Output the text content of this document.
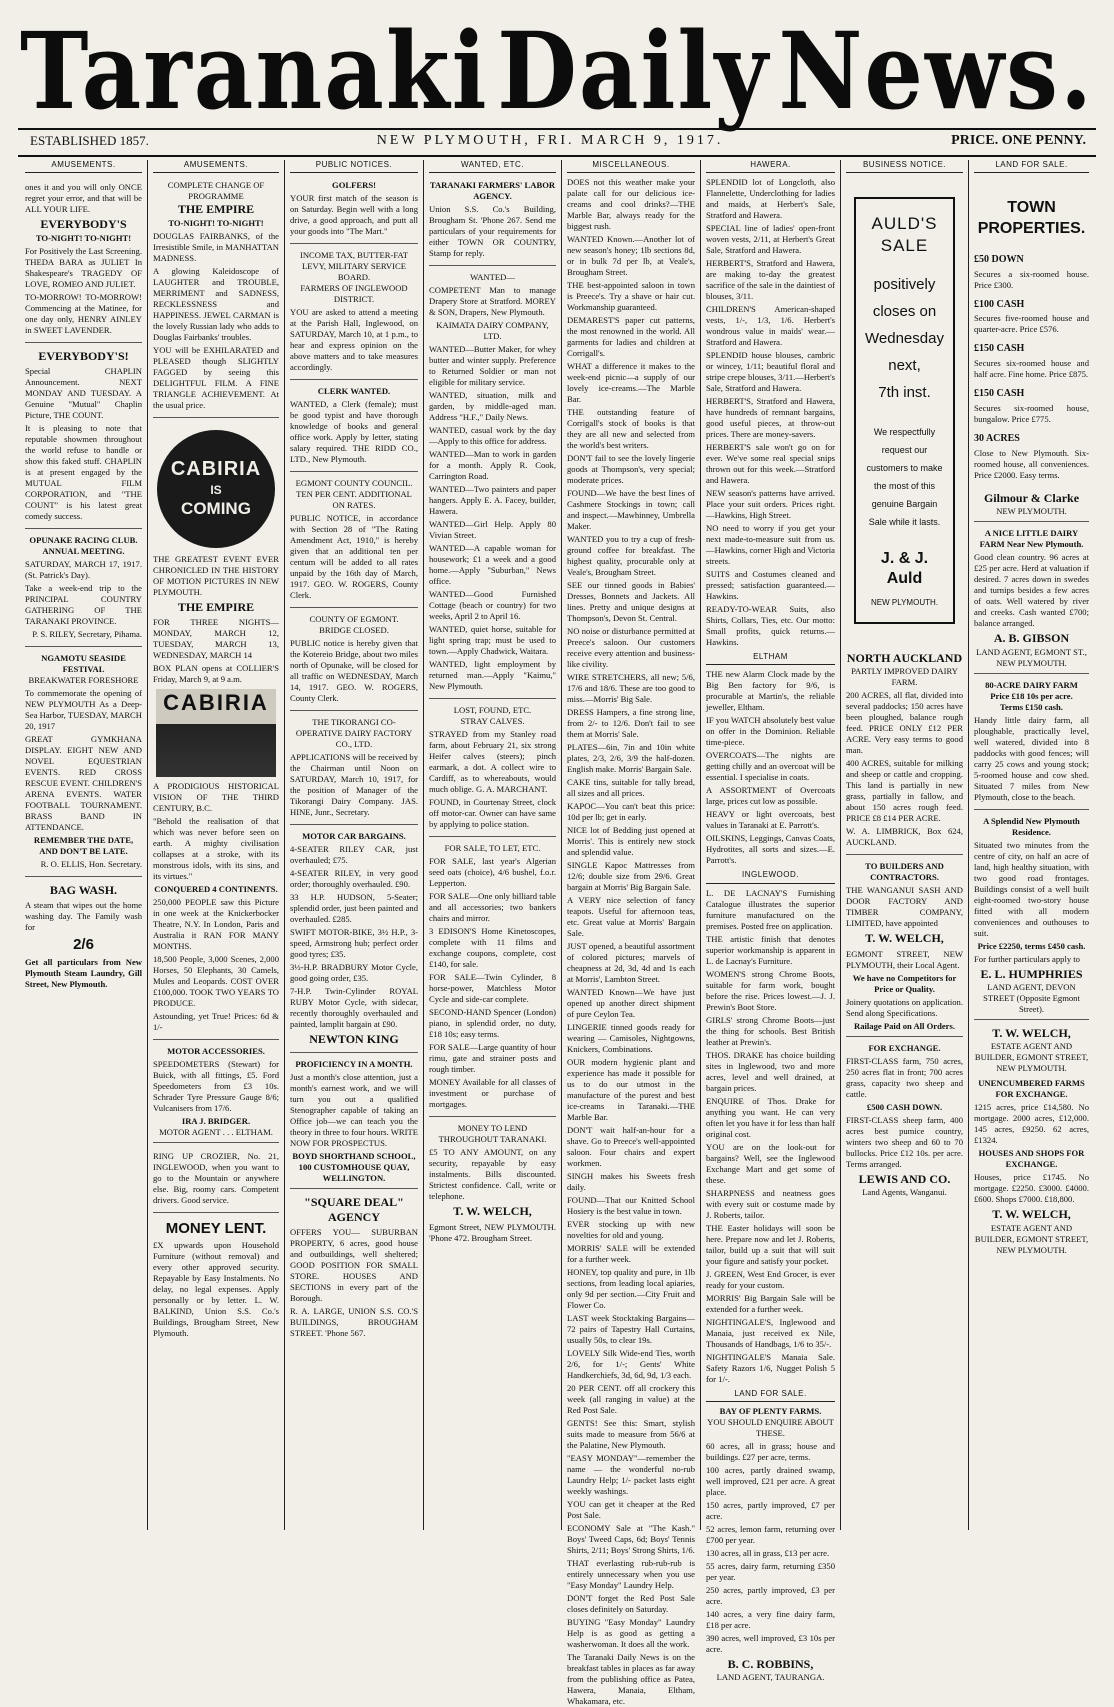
Taranaki Daily News.
ESTABLISHED 1857.	NEW PLYMOUTH, FRI. MARCH 9, 1917.	PRICE. ONE PENNY.
AMUSEMENTS.
ones it and you will only ONCE regret your error, and that will be ALL YOUR LIFE.
EVERYBODY'S
TO-NIGHT! TO-NIGHT!
For Positively the Last Screening. THEDA BARA as JULIET In Shakespeare's TRAGEDY OF LOVE, ROMEO AND JULIET.
TO-MORROW! TO-MORROW! Commencing at the Matinee, for one day only, HENRY AINLEY in SWEET LAVENDER.
EVERYBODY'S!
Special CHAPLIN Announcement. NEXT MONDAY AND TUESDAY. A Genuine "Mutual" Chaplin Picture, THE COUNT.
It is pleasing to note that reputable showmen throughout the world refuse to handle or show this faked stuff. CHAPLIN is at present engaged by the MUTUAL FILM CORPORATION, and "THE COUNT" is his latest great comedy success.
OPUNAKE RACING CLUB.
ANNUAL MEETING.
SATURDAY, MARCH 17, 1917. (St. Patrick's Day).
Take a week-end trip to the PRINCIPAL COUNTRY GATHERING OF THE TARANAKI PROVINCE.
P. S. RILEY, Secretary, Pihama.
NGAMOTU SEASIDE FESTIVAL
BREAKWATER FORESHORE
To commemorate the opening of NEW PLYMOUTH As a Deep-Sea Harbor, TUESDAY, MARCH 20, 1917
GREAT GYMKHANA DISPLAY. EIGHT NEW AND NOVEL EQUESTRIAN EVENTS. RED CROSS RESCUE EVENT. CHILDREN'S ARENA EVENTS. WATER FOOTBALL TOURNAMENT. BRASS BAND IN ATTENDANCE.
REMEMBER THE DATE, AND DON'T BE LATE.
R. O. ELLIS, Hon. Secretary.
BAG WASH.
A steam that wipes out the home washing day. The Family wash for
2/6
Get all particulars from New Plymouth Steam Laundry, Gill Street, New Plymouth.
AMUSEMENTS.
COMPLETE CHANGE OF PROGRAMME
THE EMPIRE
TO-NIGHT! TO-NIGHT!
DOUGLAS FAIRBANKS, of the Irresistible Smile, in MANHATTAN MADNESS.
A glowing Kaleidoscope of LAUGHTER and TROUBLE, MERRIMENT and SADNESS, RECKLESSNESS and HAPPINESS. JEWEL CARMAN is the lovely Russian lady who adds to Douglas Fairbanks' troubles.
YOU will be EXHILARATED and PLEASED though SLIGHTLY FAGGED by seeing this DELIGHTFUL FILM. A FINE TRIANGLE ACHIEVEMENT. At the usual price.
CABIRIA
IS
COMING
THE GREATEST EVENT EVER CHRONICLED IN THE HISTORY OF MOTION PICTURES IN NEW PLYMOUTH.
THE EMPIRE
FOR THREE NIGHTS— MONDAY, MARCH 12, TUESDAY, MARCH 13, WEDNESDAY, MARCH 14
BOX PLAN opens at COLLIER'S Friday, March 9, at 9 a.m.
CABIRIA
A PRODIGIOUS HISTORICAL VISION OF THE THIRD CENTURY, B.C.
"Behold the realisation of that which was never before seen on earth. A mighty civilisation collapses at a stroke, with its monstrous idols, with its sins, and its virtues."
CONQUERED 4 CONTINENTS.
250,000 PEOPLE saw this Picture in one week at the Knickerbocker Theatre, N.Y. In London, Paris and Australia it RAN FOR MANY MONTHS.
18,500 People, 3,000 Scenes, 2,000 Horses, 50 Elephants, 30 Camels, Mules and Leopards. COST OVER £100,000. TOOK TWO YEARS TO PRODUCE.
Astounding, yet True! Prices: 6d & 1/-
MOTOR ACCESSORIES.
SPEEDOMETERS (Stewart) for Buick, with all fittings, £5. Ford Speedometers from £3 10s. Schrader Tyre Pressure Gauge 8/6; Vulcanisers from 17/6.
IRA J. BRIDGER.
MOTOR AGENT . . . ELTHAM.
RING UP CROZIER, No. 21, INGLEWOOD, when you want to go to the Mountain or anywhere else. Big, roomy cars. Competent drivers. Good service.
MONEY LENT.
£X upwards upon Household Furniture (without removal) and every other approved security. Repayable by Easy Instalments. No delay, no legal expenses. Apply personally or by letter. L. W. BALKIND, Union S.S. Co.'s Buildings, Brougham Street, New Plymouth.
PUBLIC NOTICES.
GOLFERS!
YOUR first match of the season is on Saturday. Begin well with a long drive, a good approach, and putt all your goods into "The Mart."
INCOME TAX, BUTTER-FAT LEVY, MILITARY SERVICE BOARD.
FARMERS OF INGLEWOOD DISTRICT.
YOU are asked to attend a meeting at the Parish Hall, Inglewood, on SATURDAY, March 10, at 1 p.m., to hear and express opinion on the above matters and to take measures accordingly.
CLERK WANTED.
WANTED, a Clerk (female); must be good typist and have thorough knowledge of books and general office work. Apply by letter, stating salary required. THE RIDD CO., LTD., New Plymouth.
EGMONT COUNTY COUNCIL.
TEN PER CENT. ADDITIONAL ON RATES.
PUBLIC NOTICE, in accordance with Section 28 of "The Rating Amendment Act, 1910," is hereby given that an additional ten per centum will be added to all rates unpaid by the 16th day of March, 1917. GEO. W. ROGERS, County Clerk.
COUNTY OF EGMONT.
BRIDGE CLOSED.
PUBLIC notice is hereby given that the Kotereio Bridge, about two miles north of Opunake, will be closed for all traffic on WEDNESDAY, March 14, 1917. GEO. W. ROGERS, County Clerk.
THE TIKORANGI CO-OPERATIVE DAIRY FACTORY CO., LTD.
APPLICATIONS will be received by the Chairman until Noon on SATURDAY, March 10, 1917, for the position of Manager of the Tikorangi Dairy Company. JAS. HINE, Junr., Secretary.
MOTOR CAR BARGAINS.
4-SEATER RILEY CAR, just overhauled; £75.
4-SEATER RILEY, in very good order; thoroughly overhauled. £90.
33 H.P. HUDSON, 5-Seater; splendid order, just been painted and overhauled. £285.
SWIFT MOTOR-BIKE, 3½ H.P., 3-speed, Armstrong hub; perfect order good tyres; £35.
3½-H.P. BRADBURY Motor Cycle, good going order, £35.
7-H.P. Twin-Cylinder ROYAL RUBY Motor Cycle, with sidecar, recently thoroughly overhauled and painted, lamplit bargain at £90.
NEWTON KING
PROFICIENCY IN A MONTH.
Just a month's close attention, just a month's earnest work, and we will turn you out a qualified Stenographer capable of taking an Office job—we can teach you the theory in three to four hours. WRITE NOW FOR PROSPECTUS.
BOYD SHORTHAND SCHOOL, 100 CUSTOMHOUSE QUAY, WELLINGTON.
"SQUARE DEAL" AGENCY
OFFERS YOU— SUBURBAN PROPERTY, 6 acres, good house and outbuildings, well sheltered; GOOD POSITION FOR SMALL STORE. HOUSES AND SECTIONS in every part of the Borough.
R. A. LARGE, UNION S.S. CO.'S BUILDINGS, BROUGHAM STREET. 'Phone 567.
WANTED, ETC.
TARANAKI FARMERS' LABOR AGENCY.
Union S.S. Co.'s Building, Brougham St. 'Phone 267. Send me particulars of your requirements for either TOWN OR COUNTRY, Stamp for reply.
WANTED—
COMPETENT Man to manage Drapery Store at Stratford. MOREY & SON, Drapers, New Plymouth.
KAIMATA DAIRY COMPANY, LTD.
WANTED—Butter Maker, for whey butter and winter supply. Preference to Returned Soldier or man not eligible for military service.
WANTED, situation, milk and garden, by middle-aged man. Address "H.F.," Daily News.
WANTED, casual work by the day—Apply to this office for address.
WANTED—Man to work in garden for a month. Apply R. Cook, Carrington Road.
WANTED—Two painters and paper hangers. Apply E. A. Facey, builder, Hawera.
WANTED—Girl Help. Apply 80 Vivian Street.
WANTED—A capable woman for housework; £1 a week and a good home.—Apply "Suburban," News office.
WANTED—Good Furnished Cottage (beach or country) for two weeks, April 2 to April 16.
WANTED, quiet horse, suitable for light spring trap; must be used to town.—Apply Chadwick, Waitara.
WANTED, light employment by returned man.—Apply "Kaimu," New Plymouth.
LOST, FOUND, ETC.
STRAY CALVES.
STRAYED from my Stanley road farm, about February 21, six strong Heifer calves (steers); pinch earmark, a dot. A collect wire to Cardiff, as to whereabouts, would much oblige. G. A. MARCHANT.
FOUND, in Courtenay Street, clock off motor-car. Owner can have same by applying to police station.
FOR SALE, TO LET, ETC.
FOR SALE, last year's Algerian seed oats (choice), 4/6 bushel, f.o.r. Lepperton.
FOR SALE—One only billiard table and all accessories; two bankers chairs and mirror.
3 EDISON'S Home Kinetoscopes, complete with 11 films and exchange coupons, complete, cost £140, for sale.
FOR SALE—Twin Cylinder, 8 horse-power, Matchless Motor Cycle and side-car complete.
SECOND-HAND Spencer (London) piano, in splendid order, no duty, £18 10s; easy terms.
FOR SALE—Large quantity of hour rimu, gate and strainer posts and rough timber.
MONEY Available for all classes of investment or purchase of mortgages.
MONEY TO LEND THROUGHOUT TARANAKI.
£5 TO ANY AMOUNT, on any security, repayable by easy instalments. Bills discounted. Strictest confidence. Call, write or telephone.
T. W. WELCH,
Egmont Street, NEW PLYMOUTH. 'Phone 472. Brougham Street.
MISCELLANEOUS.
DOES not this weather make your palate call for our delicious ice-creams and cool drinks?—THE Marble Bar, always ready for the biggest rush.
WANTED Known.—Another lot of new season's honey; 1lb sections 8d, or in bulk 7d per lb, at Veale's, Brougham Street.
THE best-appointed saloon in town is Preece's. Try a shave or hair cut. Workmanship guaranteed.
DEMAREST'S paper cut patterns, the most renowned in the world. All garments for ladies and children at Corrigall's.
WHAT a difference it makes to the week-end picnic—a supply of our lovely ice-creams.—The Marble Bar.
THE outstanding feature of Corrigall's stock of books is that they are all new and selected from the world's best writers.
DON'T fail to see the lovely lingerie goods at Thompson's, very special; moderate prices.
FOUND—We have the best lines of Cashmere Stockings in town; call and inspect.—Mawhinney, Umbrella Maker.
WANTED you to try a cup of fresh-ground coffee for breakfast. The highest quality, procurable only at Veale's, Brougham Street.
SEE our tinned goods in Babies' Dresses, Bonnets and Jackets. All lines. Pretty and unique designs at Thompson's, Devon St. Central.
NO noise or disturbance permitted at Preece's saloon. Our customers receive every attention and business-like civility.
WIRE STRETCHERS, all new; 5/6, 17/6 and 18/6. These are too good to miss.—Morris' Big Sale.
DRESS Hampers, a fine strong line, from 2/- to 12/6. Don't fail to see them at Morris' Sale.
PLATES—6in, 7in and 10in white plates, 2/3, 2/6, 3/9 the half-dozen. English make. Morris' Bargain Sale.
CAKE tins, suitable for tally bread, all sizes and all prices.
KAPOC—You can't beat this price: 10d per lb; get in early.
NICE lot of Bedding just opened at Morris'. This is entirely new stock and splendid value.
SINGLE Kapoc Mattresses from 12/6; double size from 29/6. Great bargain at Morris' Big Bargain Sale.
A VERY nice selection of fancy teapots. Useful for afternoon teas, etc. Great value at Morris' Bargain Sale.
JUST opened, a beautiful assortment of colored pictures; marvels of cheapness at 2d, 3d, 4d and 1s each at Morris', Lambton Street.
WANTED Known—We have just opened up another direct shipment of pure Ceylon Tea.
LINGERIE tinned goods ready for wearing — Camisoles, Nightgowns, Knickers, Combinations.
OUR modern hygienic plant and experience has made it possible for us to do our utmost in the manufacture of the purest and best ice-creams in Taranaki.—THE Marble Bar.
DON'T wait half-an-hour for a shave. Go to Preece's well-appointed saloon. Four chairs and expert workmen.
SINGH makes his Sweets fresh daily.
FOUND—That our Knitted School Hosiery is the best value in town.
EVER stocking up with new novelties for old and young.
MORRIS' SALE will be extended for a further week.
HONEY, top quality and pure, in 1lb sections, from leading local apiaries, only 9d per section.—City Fruit and Flower Co.
LAST week Stocktaking Bargains—72 pairs of Tapestry Hall Curtains, usually 50s, to clear 19s.
LOVELY Silk Wide-end Ties, worth 2/6, for 1/-; Gents' White Handkerchiefs, 3d, 6d, 9d, 1/3 each.
20 PER CENT. off all crockery this week (all ranging in value) at the Red Post Sale.
GENTS! See this: Smart, stylish suits made to measure from 56/6 at the Palatine, New Plymouth.
"EASY MONDAY"—remember the name — the wonderful no-rub Laundry Help; 1/- packet lasts eight weekly washings.
YOU can get it cheaper at the Red Post Sale.
ECONOMY Sale at "The Kash." Boys' Tweed Caps, 6d; Boys' Tennis Shirts, 2/11; Boys' Strong Shirts, 1/6.
THAT everlasting rub-rub-rub is entirely unnecessary when you use "Easy Monday" Laundry Help.
DON'T forget the Red Post Sale closes definitely on Saturday.
BUYING "Easy Monday" Laundry Help is as good as getting a washerwoman. It does all the work.
The Taranaki Daily News is on the breakfast tables in places as far away from the publishing office as Patea, Hawera, Manaia, Eltham, Whakamara, etc.
HAWERA.
SPLENDID lot of Longcloth, also Flannelette, Underclothing for ladies and maids, at Herbert's Sale, Stratford and Hawera.
SPECIAL line of ladies' open-front woven vests, 2/11, at Herbert's Great Sale, Stratford and Hawera.
HERBERT'S, Stratford and Hawera, are making to-day the greatest sacrifice of the sale in the daintiest of blouses, 3/11.
CHILDREN'S American-shaped vests, 1/-, 1/3, 1/6. Herbert's wondrous value in maids' wear.—Stratford and Hawera.
SPLENDID house blouses, cambric or wincey, 1/11; beautiful floral and stripe crepe blouses, 3/11.—Herbert's Sale, Stratford and Hawera.
HERBERT'S, Stratford and Hawera, have hundreds of remnant bargains, good useful pieces, at throw-out prices. There are money-savers.
HERBERT'S sale won't go on for ever. We've some real special snips thrown out for this week.—Stratford and Hawera.
NEW season's patterns have arrived. Place your suit orders. Prices right.—Hawkins, High Street.
NO need to worry if you get your next made-to-measure suit from us.—Hawkins, corner High and Victoria streets.
SUITS and Costumes cleaned and pressed; satisfaction guaranteed.—Hawkins.
READY-TO-WEAR Suits, also Shirts, Collars, Ties, etc. Our motto: Small profits, quick returns.—Hawkins.
ELTHAM
THE new Alarm Clock made by the Big Ben factory for 9/6, is procurable at Martin's, the reliable jeweller, Eltham.
IF you WATCH absolutely best value on offer in the Dominion. Reliable time-piece.
OVERCOATS—The nights are getting chilly and an overcoat will be essential. I specialise in coats.
A ASSORTMENT of Overcoats large, prices cut low as possible.
HEAVY or light overcoats, best values in Taranaki at E. Parrott's.
OILSKINS, Leggings, Canvas Coats, Hydrotites, all sorts and sizes.—E. Parrott's.
INGLEWOOD.
L. DE LACNAY'S Furnishing Catalogue illustrates the superior furniture manufactured on the premises. Posted free on application.
THE artistic finish that denotes superior workmanship is apparent in L. de Lacnay's Furniture.
WOMEN'S strong Chrome Boots, suitable for farm work, bought before the rise. Prices lowest.—J. J. Prewin's Boot Store.
GIRLS' strong Chrome Boots—just the thing for schools. Best British leather at Prewin's.
THOS. DRAKE has choice building sites in Inglewood, two and more acres, level and well drained, at bargain prices.
ENQUIRE of Thos. Drake for anything you want. He can very often let you have it for less than half original cost.
YOU are on the look-out for bargains? Well, see the Inglewood Exchange Mart and get some of these.
SHARPNESS and neatness goes with every suit or costume made by J. Roberts, tailor.
THE Easter holidays will soon be here. Prepare now and let J. Roberts, tailor, build up a suit that will suit your figure and satisfy your pocket.
J. GREEN, West End Grocer, is ever ready for your custom.
MORRIS' Big Bargain Sale will be extended for a further week.
NIGHTINGALE'S, Inglewood and Manaia, just received ex Nile, Thousands of Handbags, 1/6 to 35/-.
NIGHTINGALE'S Manaia Sale. Safety Razors 1/6, Nugget Polish 5 for 1/-.
LAND FOR SALE.
BAY OF PLENTY FARMS.
YOU SHOULD ENQUIRE ABOUT THESE.
60 acres, all in grass; house and buildings. £27 per acre, terms.
100 acres, partly drained swamp, well improved, £21 per acre. A great place.
150 acres, partly improved, £7 per acre.
52 acres, lemon farm, returning over £700 per year.
130 acres, all in grass, £13 per acre.
55 acres, dairy farm, returning £350 per year.
250 acres, partly improved, £3 per acre.
140 acres, a very fine dairy farm, £18 per acre.
390 acres, well improved, £3 10s per acre.
B. C. ROBBINS,
LAND AGENT, TAURANGA.
BUSINESS NOTICE.
AULD'S SALE
positively
closes on
Wednesday
next,
7th inst.
We respectfully request our customers to make the most of this genuine Bargain Sale while it lasts.
J. & J. Auld
NEW PLYMOUTH.
NORTH AUCKLAND
PARTLY IMPROVED DAIRY FARM.
200 ACRES, all flat, divided into several paddocks; 150 acres have been ploughed, balance rough feed. PRICE ONLY £12 PER ACRE. Very easy terms to good man.
400 ACRES, suitable for milking and sheep or cattle and cropping. This land is partially in new grass, partially in fallow, and about 150 acres rough feed. PRICE £8 £14 PER ACRE.
W. A. LIMBRICK, Box 624, AUCKLAND.
TO BUILDERS AND CONTRACTORS.
THE WANGANUI SASH AND DOOR FACTORY AND TIMBER COMPANY, LIMITED, have appointed
T. W. WELCH,
EGMONT STREET, NEW PLYMOUTH, their Local Agent.
We have no Competitors for Price or Quality.
Joinery quotations on application. Send along Specifications.
Railage Paid on All Orders.
FOR EXCHANGE.
FIRST-CLASS farm, 750 acres, 250 acres flat in front; 700 acres grass, capacity two sheep and cattle.
£500 CASH DOWN.
FIRST-CLASS sheep farm, 400 acres best pumice country, winters two sheep and 60 to 70 bullocks. Price £12 10s. per acre. Terms arranged.
LEWIS AND CO.
Land Agents, Wanganui.
LAND FOR SALE.
TOWN PROPERTIES.
£50 DOWN
Secures a six-roomed house. Price £300.
£100 CASH
Secures five-roomed house and quarter-acre. Price £576.
£150 CASH
Secures six-roomed house and half acre. Fine home. Price £875.
£150 CASH
Secures six-roomed house, bungalow. Price £775.
30 ACRES
Close to New Plymouth. Six-roomed house, all conveniences. Price £2000. Easy terms.
Gilmour & Clarke
NEW PLYMOUTH.
A NICE LITTLE DAIRY FARM Near New Plymouth.
Good clean country. 96 acres at £25 per acre. Herd at valuation if desired. 7 acres down in swedes and turnips besides a few acres of oats. Well watered by river and creeks. Cash wanted £700; balance arranged.
A. B. GIBSON
LAND AGENT, EGMONT ST., NEW PLYMOUTH.
80-ACRE DAIRY FARM
Price £18 10s per acre.
Terms £150 cash.
Handy little dairy farm, all ploughable, practically level, well watered, divided into 8 paddocks with good fences; will carry 25 cows and young stock; 5-roomed house and cow shed. Situated 7 miles from New Plymouth, close to the beach.
A Splendid New Plymouth Residence.
Situated two minutes from the centre of city, on half an acre of land, high healthy situation, with two good road frontages. Buildings consist of a well built eight-roomed two-story house fitted with all modern conveniences and outhouses to suit.
Price £2250, terms £450 cash.
For further particulars apply to
E. L. HUMPHRIES
LAND AGENT, DEVON STREET (Opposite Egmont Street).
T. W. WELCH,
ESTATE AGENT AND BUILDER, EGMONT STREET, NEW PLYMOUTH.
UNENCUMBERED FARMS FOR EXCHANGE.
1215 acres, price £14,580. No mortgage. 2000 acres, £12,000. 145 acres, £9250. 62 acres, £1324.
HOUSES AND SHOPS FOR EXCHANGE.
Houses, price £1745. No mortgage. £2250. £3000. £4000. £600. Shops £7000. £18,800.
T. W. WELCH,
ESTATE AGENT AND BUILDER, EGMONT STREET, NEW PLYMOUTH.
